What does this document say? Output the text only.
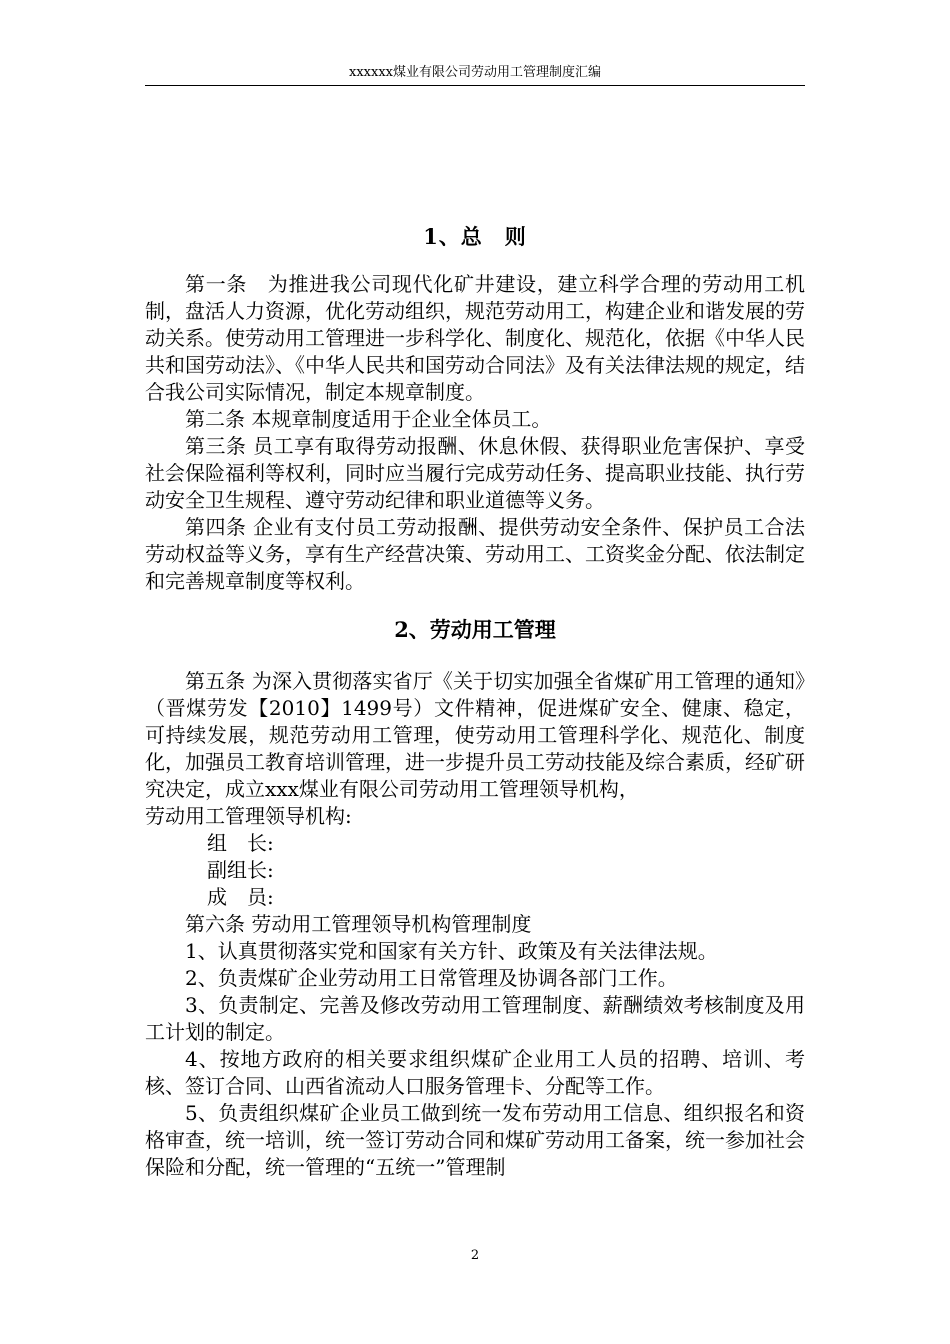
xxxxxx煤业有限公司劳动用工管理制度汇编
1、总　则

第一条　为推进我公司现代化矿井建设，建立科学合理的劳动用工机制，盘活人力资源，优化劳动组织，规范劳动用工，构建企业和谐发展的劳动关系。使劳动用工管理进一步科学化、制度化、规范化，依据《中华人民共和国劳动法》、《中华人民共和国劳动合同法》及有关法律法规的规定，结合我公司实际情况，制定本规章制度。

第二条 本规章制度适用于企业全体员工。

第三条 员工享有取得劳动报酬、休息休假、获得职业危害保护、享受社会保险福利等权利，同时应当履行完成劳动任务、提高职业技能、执行劳动安全卫生规程、遵守劳动纪律和职业道德等义务。

第四条 企业有支付员工劳动报酬、提供劳动安全条件、保护员工合法劳动权益等义务，享有生产经营决策、劳动用工、工资奖金分配、依法制定和完善规章制度等权利。

2、劳动用工管理

第五条 为深入贯彻落实省厅《关于切实加强全省煤矿用工管理的通知》（晋煤劳发【2010】1499号）文件精神，促进煤矿安全、健康、稳定，可持续发展，规范劳动用工管理，使劳动用工管理科学化、规范化、制度化，加强员工教育培训管理，进一步提升员工劳动技能及综合素质，经矿研究决定，成立xxx煤业有限公司劳动用工管理领导机构，

劳动用工管理领导机构:

组　长:

副组长:

成　员:

第六条 劳动用工管理领导机构管理制度

1、认真贯彻落实党和国家有关方针、政策及有关法律法规。

2、负责煤矿企业劳动用工日常管理及协调各部门工作。

3、负责制定、完善及修改劳动用工管理制度、薪酬绩效考核制度及用工计划的制定。

4、按地方政府的相关要求组织煤矿企业用工人员的招聘、培训、考核、签订合同、山西省流动人口服务管理卡、分配等工作。

5、负责组织煤矿企业员工做到统一发布劳动用工信息、组织报名和资格审查，统一培训，统一签订劳动合同和煤矿劳动用工备案，统一参加社会保险和分配，统一管理的“五统一”管理制

2
